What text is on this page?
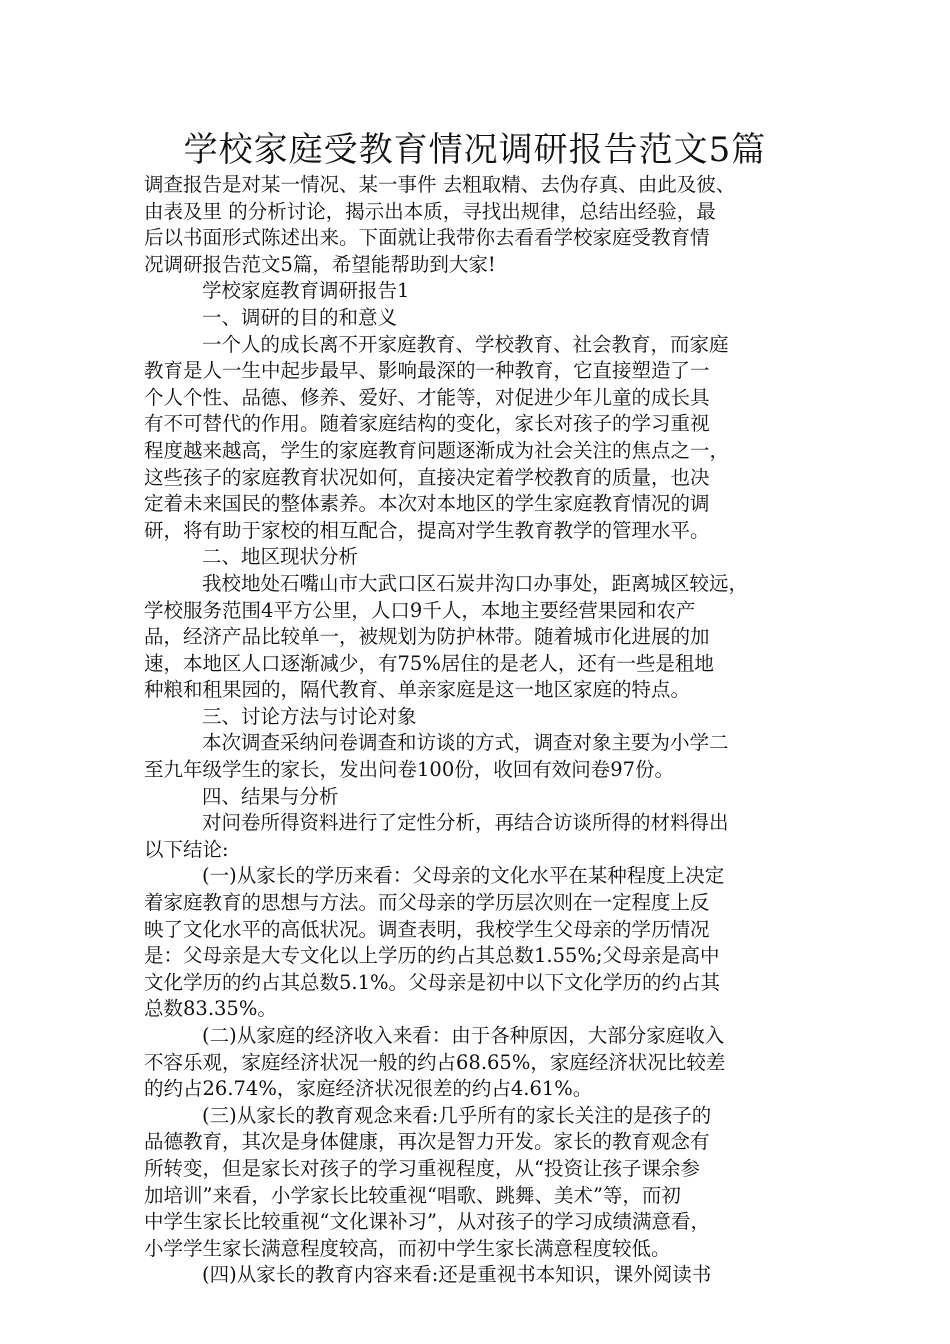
学校家庭受教育情况调研报告范文5篇
调查报告是对某一情况、某一事件 去粗取精、去伪存真、由此及彼、
由表及里 的分析讨论，揭示出本质，寻找出规律，总结出经验，最
后以书面形式陈述出来。下面就让我带你去看看学校家庭受教育情
况调研报告范文5篇，希望能帮助到大家!
学校家庭教育调研报告1
一、调研的目的和意义
一个人的成长离不开家庭教育、学校教育、社会教育，而家庭
教育是人一生中起步最早、影响最深的一种教育，它直接塑造了一
个人个性、品德、修养、爱好、才能等，对促进少年儿童的成长具
有不可替代的作用。随着家庭结构的变化，家长对孩子的学习重视
程度越来越高，学生的家庭教育问题逐渐成为社会关注的焦点之一，
这些孩子的家庭教育状况如何，直接决定着学校教育的质量，也决
定着未来国民的整体素养。本次对本地区的学生家庭教育情况的调
研，将有助于家校的相互配合，提高对学生教育教学的管理水平。
二、地区现状分析
我校地处石嘴山市大武口区石炭井沟口办事处，距离城区较远，
学校服务范围4平方公里，人口9千人，本地主要经营果园和农产
品，经济产品比较单一，被规划为防护林带。随着城市化进展的加
速，本地区人口逐渐减少，有75%居住的是老人，还有一些是租地
种粮和租果园的，隔代教育、单亲家庭是这一地区家庭的特点。
三、讨论方法与讨论对象
本次调查采纳问卷调查和访谈的方式，调查对象主要为小学二
至九年级学生的家长，发出问卷100份，收回有效问卷97份。
四、结果与分析
对问卷所得资料进行了定性分析，再结合访谈所得的材料得出
以下结论:
(一)从家长的学历来看：父母亲的文化水平在某种程度上决定
着家庭教育的思想与方法。而父母亲的学历层次则在一定程度上反
映了文化水平的高低状况。调查表明，我校学生父母亲的学历情况
是：父母亲是大专文化以上学历的约占其总数1.55%;父母亲是高中
文化学历的约占其总数5.1%。父母亲是初中以下文化学历的约占其
总数83.35%。
(二)从家庭的经济收入来看：由于各种原因，大部分家庭收入
不容乐观，家庭经济状况一般的约占68.65%，家庭经济状况比较差
的约占26.74%，家庭经济状况很差的约占4.61%。
(三)从家长的教育观念来看:几乎所有的家长关注的是孩子的
品德教育，其次是身体健康，再次是智力开发。家长的教育观念有
所转变，但是家长对孩子的学习重视程度，从“投资让孩子课余参
加培训”来看，小学家长比较重视“唱歌、跳舞、美术”等，而初
中学生家长比较重视“文化课补习”，从对孩子的学习成绩满意看，
小学学生家长满意程度较高，而初中学生家长满意程度较低。
(四)从家长的教育内容来看:还是重视书本知识，课外阅读书
